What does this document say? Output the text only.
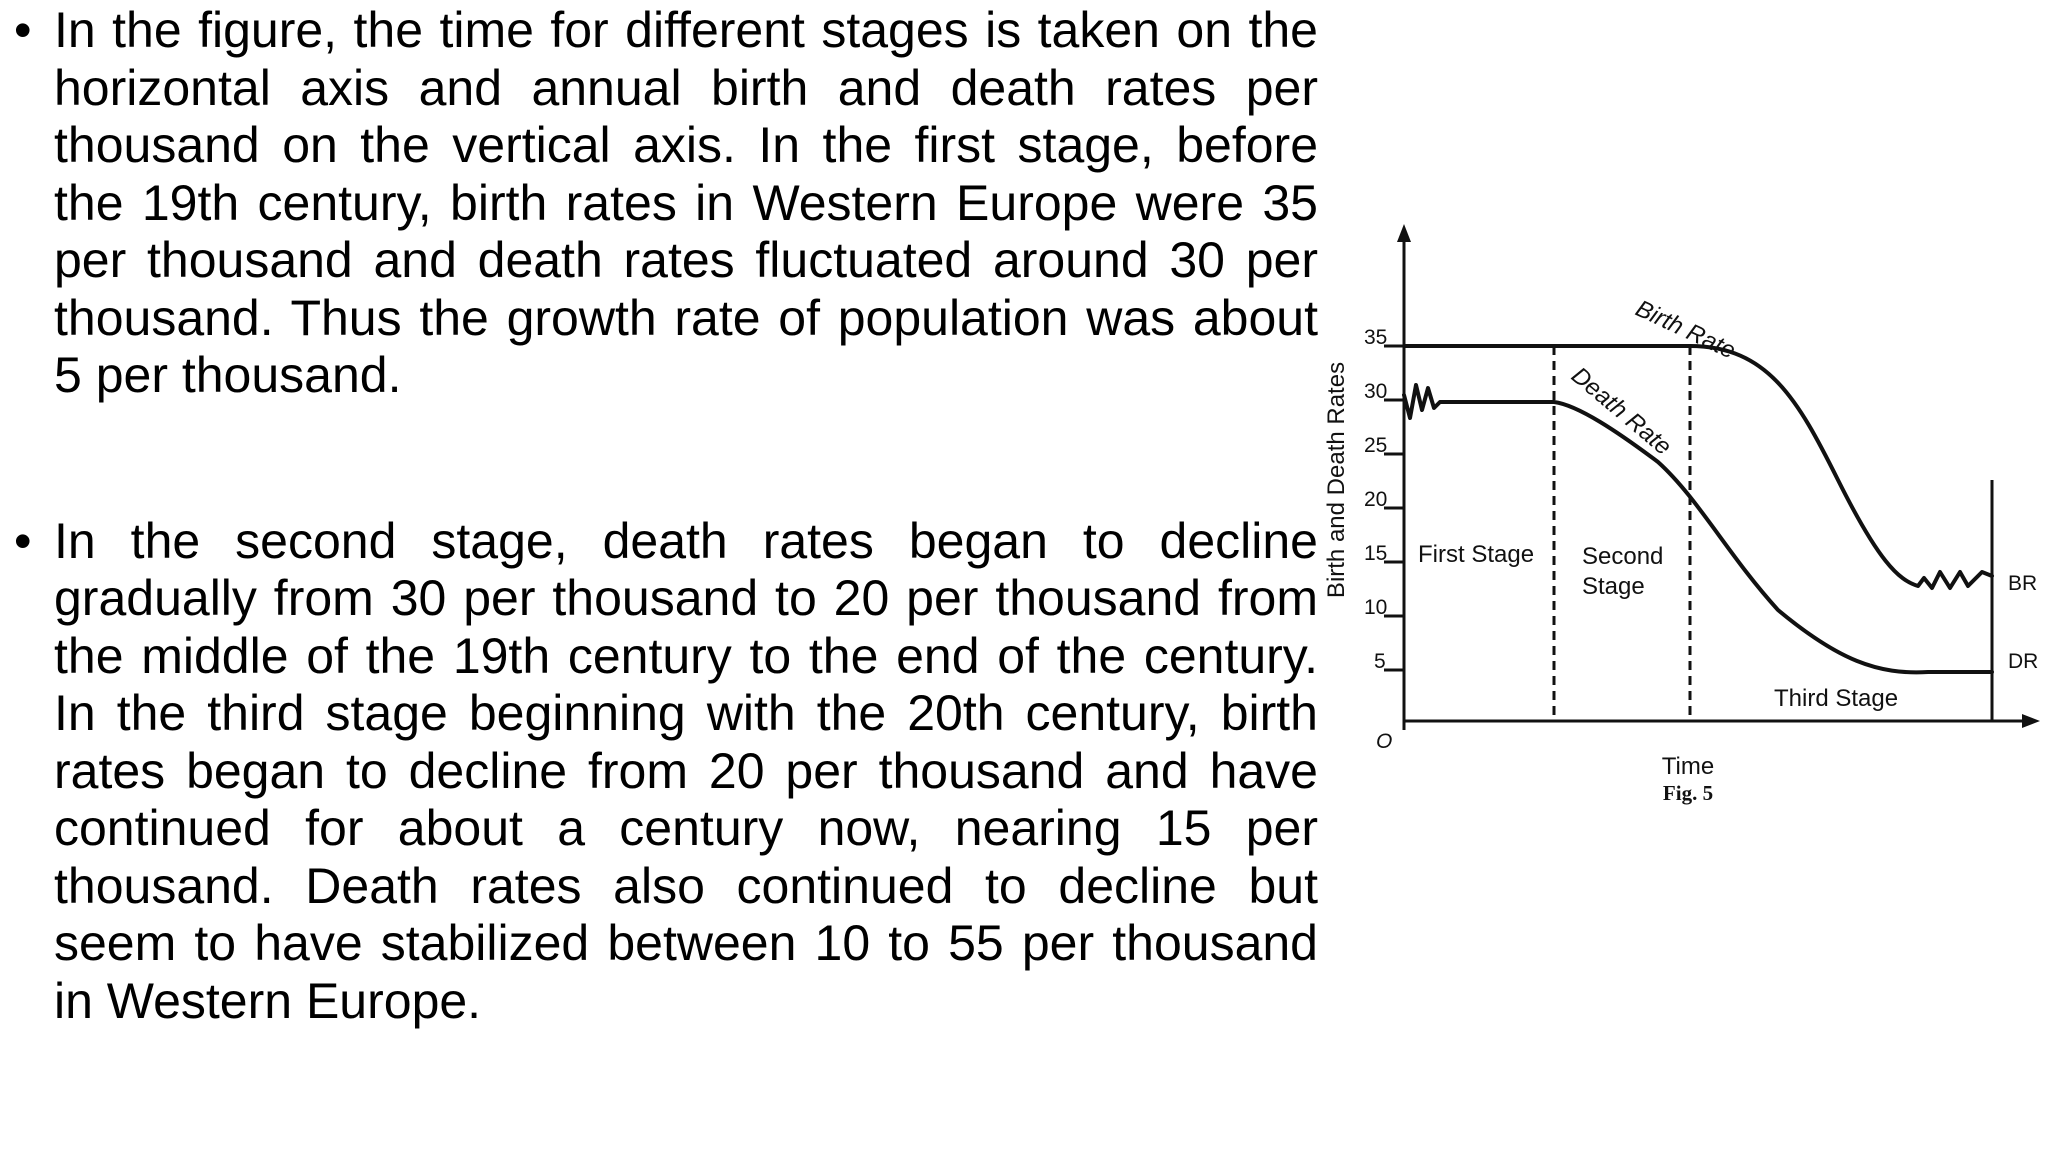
• In the figure, the time for different stages is taken on the horizontal axis and annual birth and death rates per thousand on the vertical axis. In the first stage, before the 19th century, birth rates in Western Europe were 35 per thousand and death rates fluctuated around 30 per thousand. Thus the growth rate of population was about 5 per thousand.
• In the second stage, death rates began to decline gradually from 30 per thousand to 20 per thousand from the middle of the 19th century to the end of the century. In the third stage beginning with the 20th century, birth rates began to decline from 20 per thousand and have continued for about a century now, nearing 15 per thousand. Death rates also continued to decline but seem to have stabilized between 10 to 55 per thousand in Western Europe.
35
30
25
20
15
10
5
O
Birth and Death Rates
Birth Rate
Death Rate
BR
DR
First Stage Second
Stage
Third Stage
Time
Fig. 5
